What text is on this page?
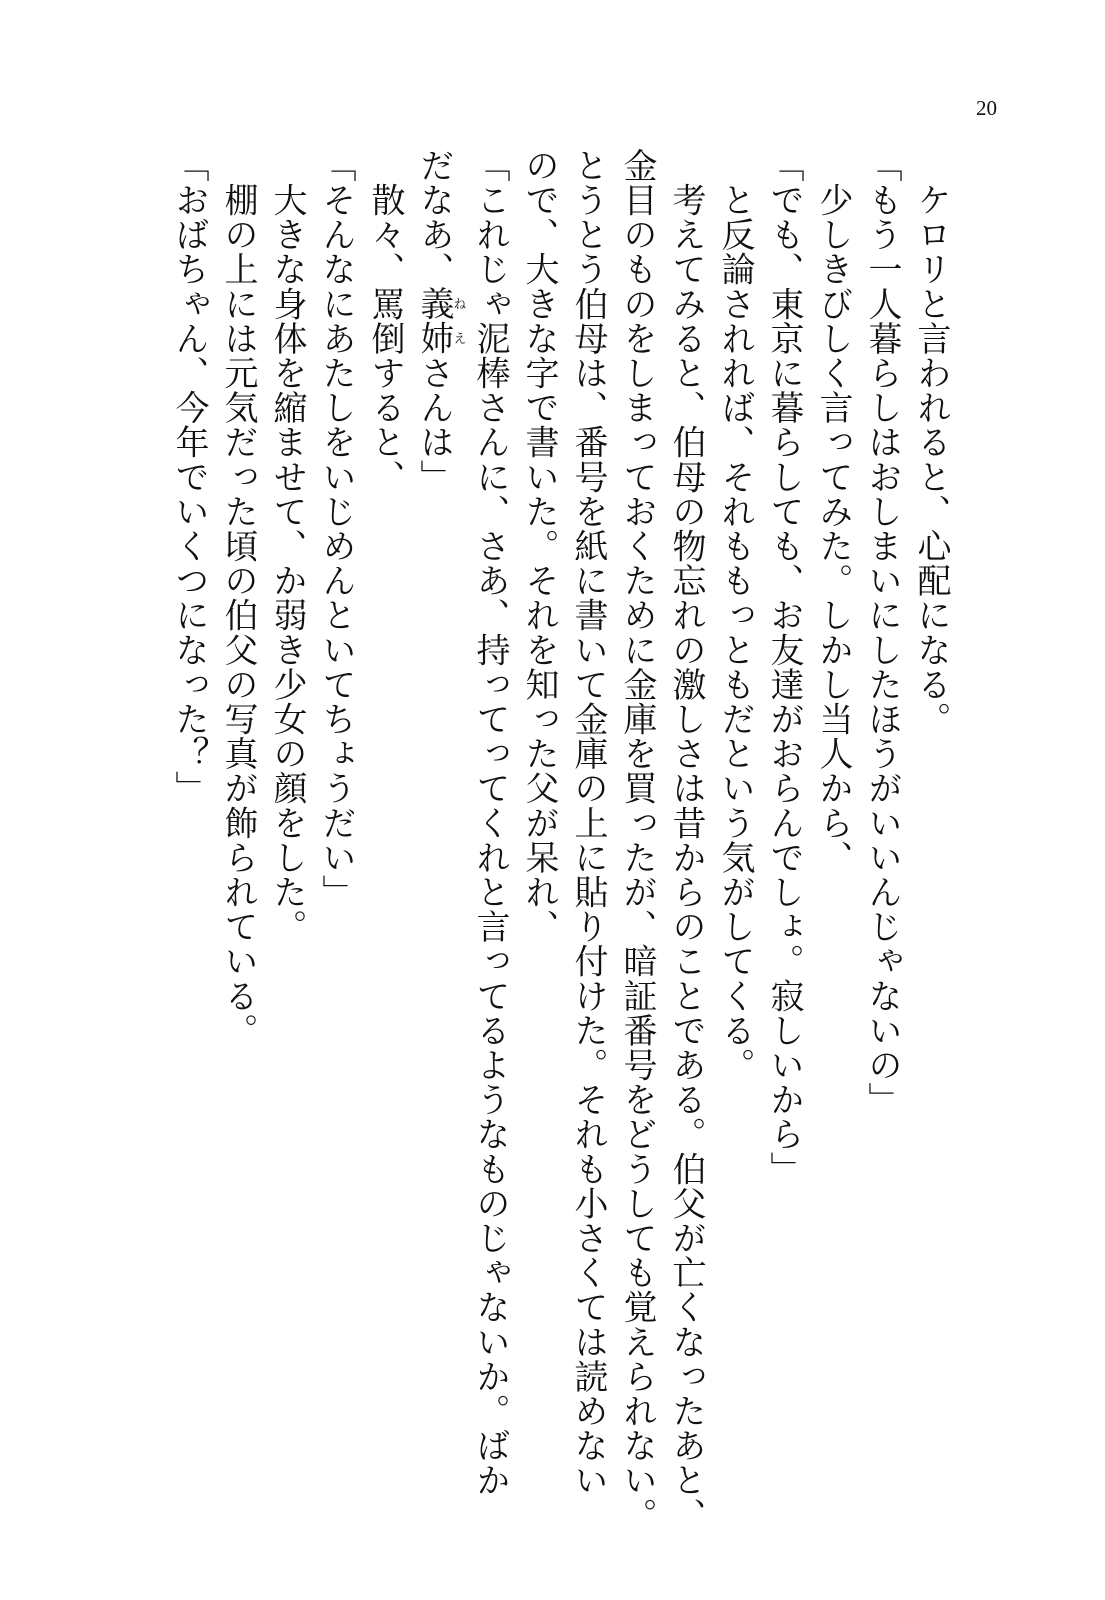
20
　ケロリと言われると、心配になる。
「もう一人暮らしはおしまいにしたほうがいいんじゃないの」
　少しきびしく言ってみた。しかし当人から、
「でも、東京に暮らしても、お友達がおらんでしょ。寂しいから」
　と反論されれば、それももっともだという気がしてくる。
　考えてみると、伯母の物忘れの激しさは昔からのことである。伯父が亡くなったあと、
金目のものをしまっておくために金庫を買ったが、暗証番号をどうしても覚えられない。
とうとう伯母は、番号を紙に書いて金庫の上に貼り付けた。それも小さくては読めない
ので、大きな字で書いた。それを知った父が呆れ、
「これじゃ泥棒さんに、さあ、持ってってくれと言ってるようなものじゃないか。ばか
だなあ、義姉ねえさんは」
　散々、罵倒すると、
「そんなにあたしをいじめんといてちょうだい」
　大きな身体を縮ませて、か弱き少女の顔をした。
　棚の上には元気だった頃の伯父の写真が飾られている。
「おばちゃん、今年でいくつになった？」
